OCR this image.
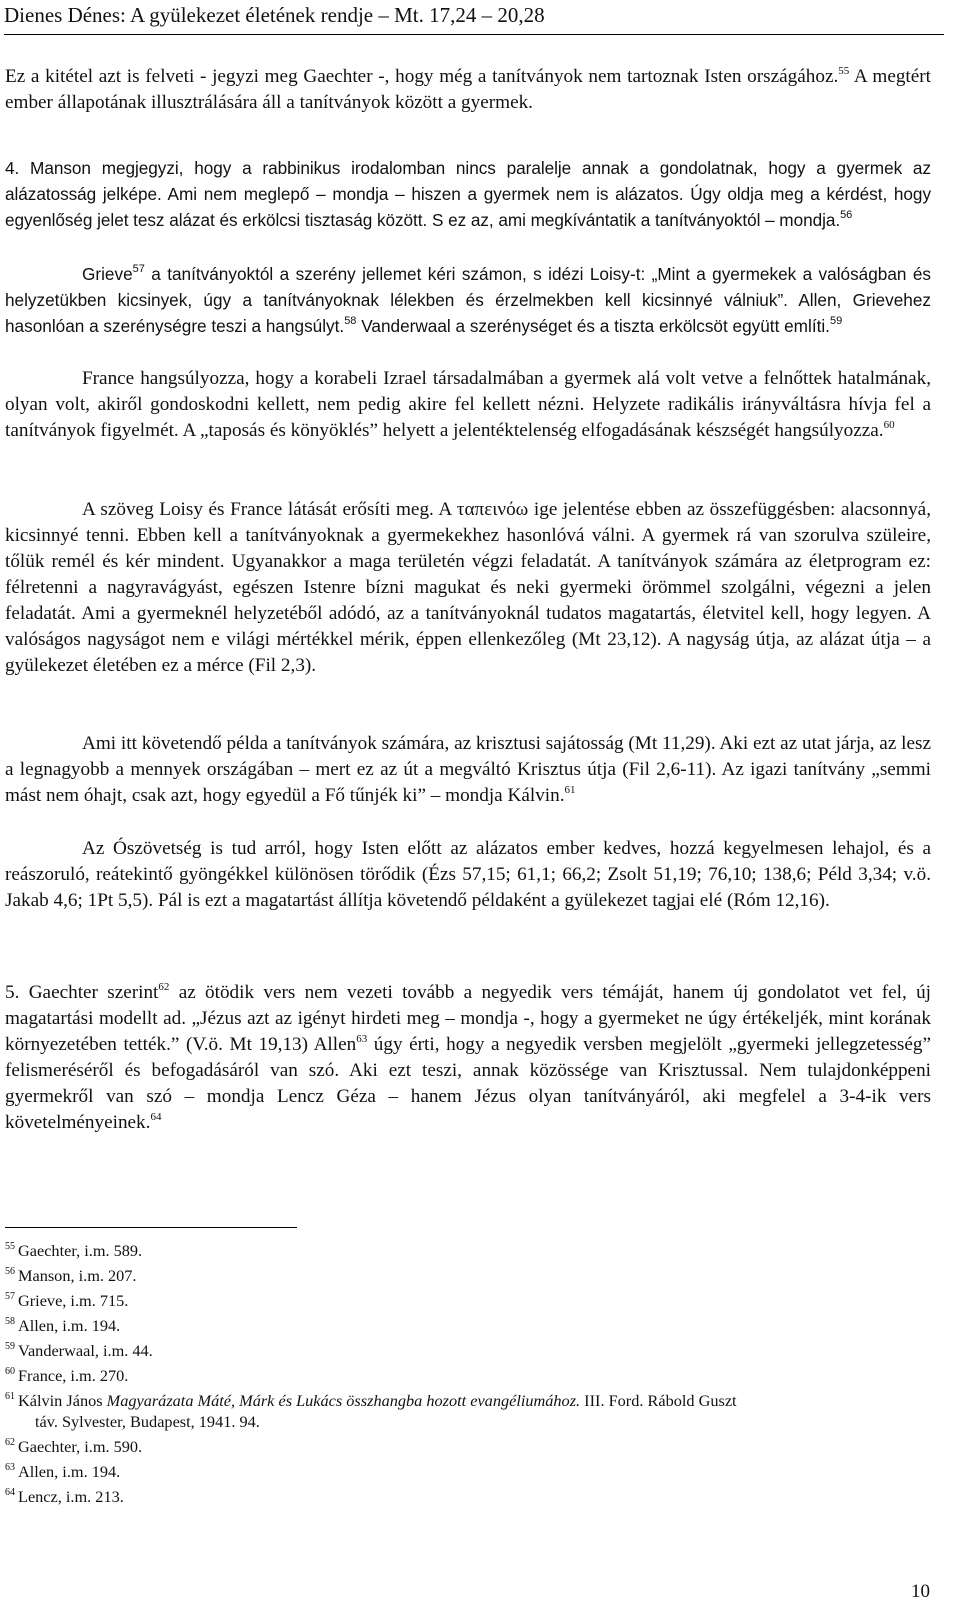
Dienes Dénes: A gyülekezet életének rendje – Mt. 17,24 – 20,28

Ez a kitétel azt is felveti - jegyzi meg Gaechter -, hogy még a tanítványok nem tartoznak Isten országához.$^{55}$ A megtért ember állapotának illusztrálására áll a tanítványok között a gyermek.

4. Manson megjegyzi, hogy a rabbinikus irodalomban nincs paralelje annak a gondolatnak, hogy a gyermek az alázatosság jelképe. Ami nem meglepő – mondja – hiszen a gyermek nem is alázatos. Úgy oldja meg a kérdést, hogy egyenlőség jelet tesz alázat és erkölcsi tisztaság között. S ez az, ami megkívántatik a tanítványoktól – mondja.$^{56}$

Grieve$^{57}$ a tanítványoktól a szerény jellemet kéri számon, s idézi Loisy-t: „Mint a gyermekek a valóságban és helyzetükben kicsinyek, úgy a tanítványoknak lélekben és érzelmekben kell kicsinnyé válniuk”. Allen, Grievehez hasonlóan a szerénységre teszi a hangsúlyt.$^{58}$ Vanderwaal a szerénységet és a tiszta erkölcsöt együtt említi.$^{59}$

France hangsúlyozza, hogy a korabeli Izrael társadalmában a gyermek alá volt vetve a felnőttek hatalmának, olyan volt, akiről gondoskodni kellett, nem pedig akire fel kellett nézni. Helyzete radikális irányváltásra hívja fel a tanítványok figyelmét. A „taposás és könyöklés” helyett a jelentéktelenség elfogadásának készségét hangsúlyozza.$^{60}$

A szöveg Loisy és France látását erősíti meg. A ταπεινόω ige jelentése ebben az összefüggésben: alacsonnyá, kicsinnyé tenni. Ebben kell a tanítványoknak a gyermekekhez hasonlóvá válni. A gyermek rá van szorulva szüleire, tőlük remél és kér mindent. Ugyanakkor a maga területén végzi feladatát. A tanítványok számára az életprogram ez: félretenni a nagyravágyást, egészen Istenre bízni magukat és neki gyermeki örömmel szolgálni, végezni a jelen feladatát. Ami a gyermeknél helyzetéből adódó, az a tanítványoknál tudatos magatartás, életvitel kell, hogy legyen. A valóságos nagyságot nem e világi mértékkel mérik, éppen ellenkezőleg (Mt 23,12). A nagyság útja, az alázat útja – a gyülekezet életében ez a mérce (Fil 2,3).

Ami itt követendő példa a tanítványok számára, az krisztusi sajátosság (Mt 11,29). Aki ezt az utat járja, az lesz a legnagyobb a mennyek országában – mert ez az út a megváltó Krisztus útja (Fil 2,6-11). Az igazi tanítvány „semmi mást nem óhajt, csak azt, hogy egyedül a Fő tűnjék ki” – mondja Kálvin.$^{61}$

Az Ószövetség is tud arról, hogy Isten előtt az alázatos ember kedves, hozzá kegyelmesen lehajol, és a reászoruló, reátekintő gyöngékkel különösen törődik (Ézs 57,15; 61,1; 66,2; Zsolt 51,19; 76,10; 138,6; Péld 3,34; v.ö. Jakab 4,6; 1Pt 5,5). Pál is ezt a magatartást állítja követendő példaként a gyülekezet tagjai elé (Róm 12,16).

5. Gaechter szerint$^{62}$ az ötödik vers nem vezeti tovább a negyedik vers témáját, hanem új gondolatot vet fel, új magatartási modellt ad. „Jézus azt az igényt hirdeti meg – mondja -, hogy a gyermeket ne úgy értékeljék, mint korának környezetében tették.” (V.ö. Mt 19,13) Allen$^{63}$ úgy érti, hogy a negyedik versben megjelölt „gyermeki jellegzetesség” felismeréséről és befogadásáról van szó. Aki ezt teszi, annak közössége van Krisztussal. Nem tulajdonképpeni gyermekről van szó – mondja Lencz Géza – hanem Jézus olyan tanítványáról, aki megfelel a 3-4-ik vers követelményeinek.$^{64}$

$^{55}$ Gaechter, i.m. 589.

$^{56}$ Manson, i.m. 207.

$^{57}$ Grieve, i.m. 715.

$^{58}$ Allen, i.m. 194.

$^{59}$ Vanderwaal, i.m. 44.

$^{60}$ France, i.m. 270.

$^{61}$ Kálvin János Magyarázata Máté, Márk és Lukács összhangba hozott evangéliumához. III. Ford. Rábold Guszt
táv. Sylvester, Budapest, 1941. 94.

$^{62}$ Gaechter, i.m. 590.

$^{63}$ Allen, i.m. 194.

$^{64}$ Lencz, i.m. 213.

10
